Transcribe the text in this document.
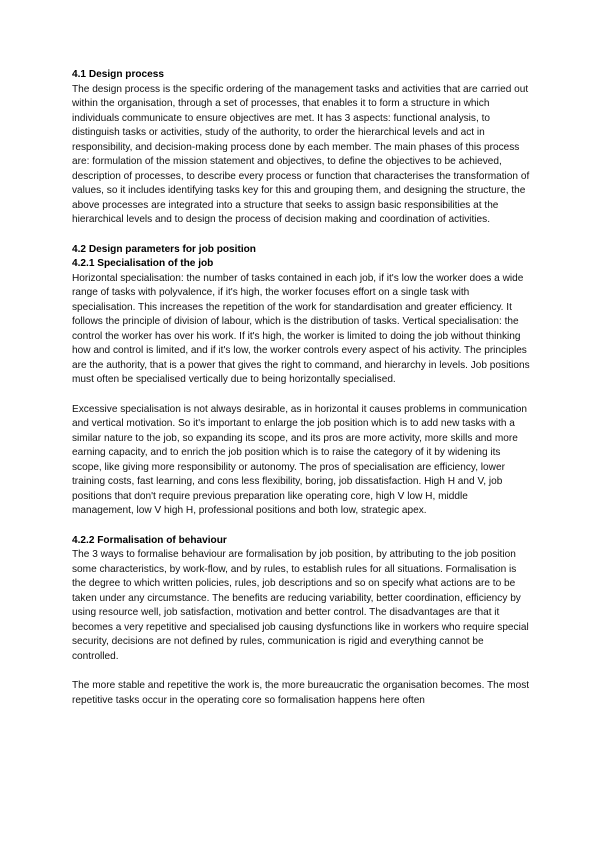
4.1 Design process

The design process is the specific ordering of the management tasks and activities that are carried out within the organisation, through a set of processes, that enables it to form a structure in which individuals communicate to ensure objectives are met. It has 3 aspects: functional analysis, to distinguish tasks or activities, study of the authority, to order the hierarchical levels and act in responsibility, and decision-making process done by each member. The main phases of this process are: formulation of the mission statement and objectives, to define the objectives to be achieved, description of processes, to describe every process or function that characterises the transformation of values, so it includes identifying tasks key for this and grouping them, and designing the structure, the above processes are integrated into a structure that seeks to assign basic responsibilities at the hierarchical levels and to design the process of decision making and coordination of activities.

4.2 Design parameters for job position
4.2.1 Specialisation of the job

Horizontal specialisation: the number of tasks contained in each job, if it's low the worker does a wide range of tasks with polyvalence, if it's high, the worker focuses effort on a single task with specialisation. This increases the repetition of the work for standardisation and greater efficiency. It follows the principle of division of labour, which is the distribution of tasks. Vertical specialisation: the control the worker has over his work. If it's high, the worker is limited to doing the job without thinking how and control is limited, and if it's low, the worker controls every aspect of his activity. The principles are the authority, that is a power that gives the right to command, and hierarchy in levels. Job positions must often be specialised vertically due to being horizontally specialised.

Excessive specialisation is not always desirable, as in horizontal it causes problems in communication and vertical motivation. So it's important to enlarge the job position which is to add new tasks with a similar nature to the job, so expanding its scope, and its pros are more activity, more skills and more earning capacity, and to enrich the job position which is to raise the category of it by widening its scope, like giving more responsibility or autonomy. The pros of specialisation are efficiency, lower training costs, fast learning, and cons less flexibility, boring, job dissatisfaction. High H and V, job positions that don't require previous preparation like operating core, high V low H, middle management, low V high H, professional positions and both low, strategic apex.

4.2.2 Formalisation of behaviour

The 3 ways to formalise behaviour are formalisation by job position, by attributing to the job position some characteristics, by work-flow, and by rules, to establish rules for all situations. Formalisation is the degree to which written policies, rules, job descriptions and so on specify what actions are to be taken under any circumstance. The benefits are reducing variability, better coordination, efficiency by using resource well, job satisfaction, motivation and better control. The disadvantages are that it becomes a very repetitive and specialised job causing dysfunctions like in workers who require special security, decisions are not defined by rules, communication is rigid and everything cannot be controlled.

The more stable and repetitive the work is, the more bureaucratic the organisation becomes. The most repetitive tasks occur in the operating core so formalisation happens here often
